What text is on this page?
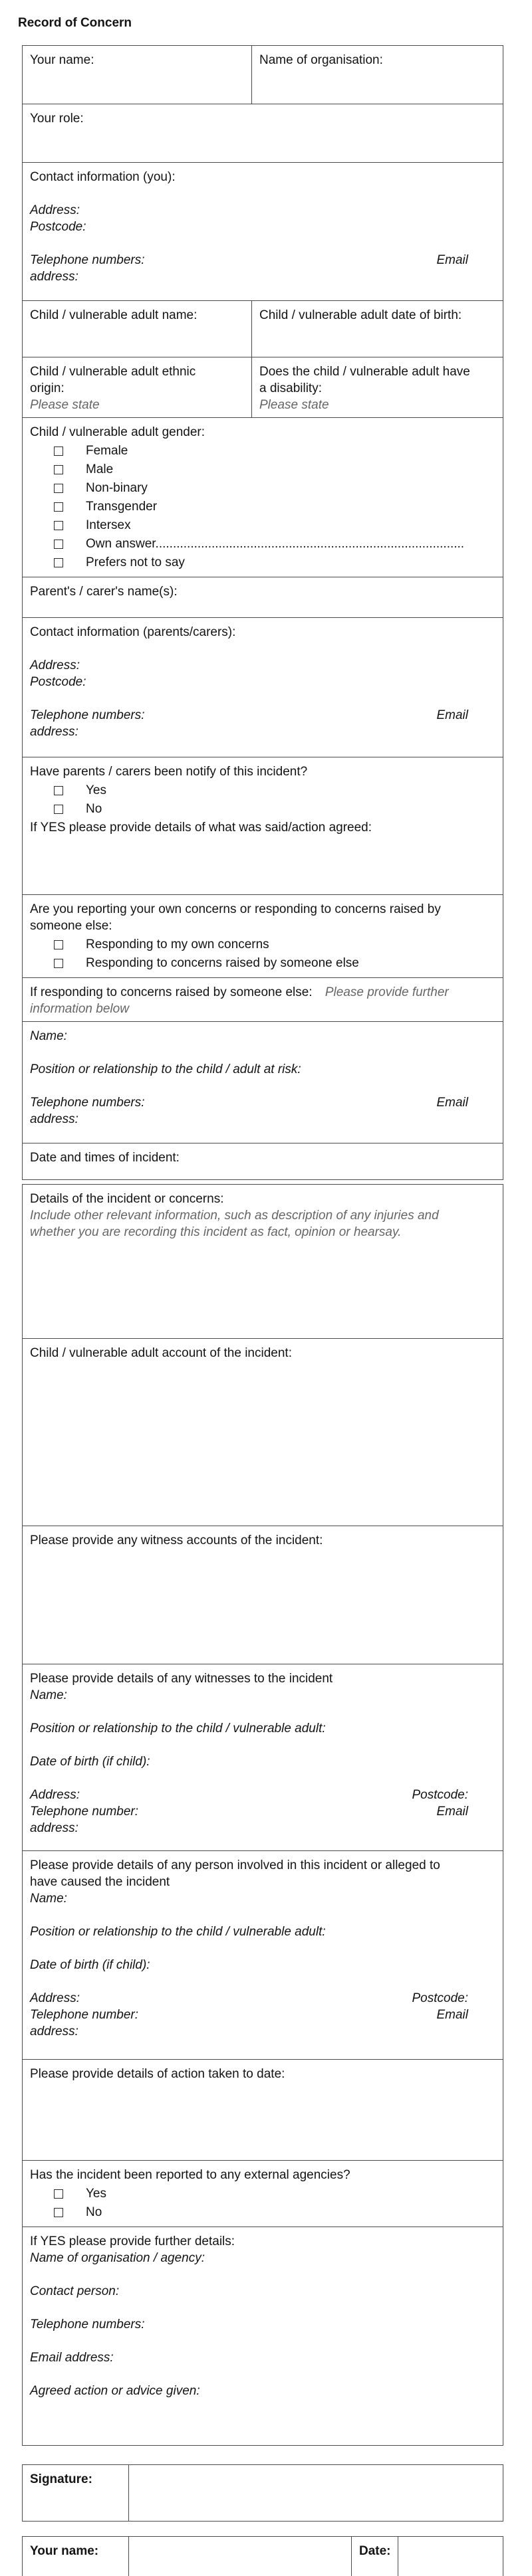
Record of Concern
Your name:	Name of organisation:
Your role:
Contact information (you):
Address:
Postcode:
Telephone numbers:	Email
address:
Child / vulnerable adult name:	Child / vulnerable adult date of birth:
Child / vulnerable adult ethnic origin:
Please state
Does the child / vulnerable adult have a disability:
Please state
Child / vulnerable adult gender:
Female
Male
Non-binary
Transgender
Intersex
Own answer........................................................................................
Prefers not to say
Parent's / carer's name(s):
Contact information (parents/carers):
Address:
Postcode:
Telephone numbers:	Email
address:
Have parents / carers been notify of this incident?
Yes
No
If YES please provide details of what was said/action agreed:
Are you reporting your own concerns or responding to concerns raised by someone else:
Responding to my own concerns
Responding to concerns raised by someone else
If responding to concerns raised by someone else: Please provide further information below
Name:
Position or relationship to the child / adult at risk:
Telephone numbers:	Email
address:
Date and times of incident:
Details of the incident or concerns:
Include other relevant information, such as description of any injuries and whether you are recording this incident as fact, opinion or hearsay.
Child / vulnerable adult account of the incident:
Please provide any witness accounts of the incident:
Please provide details of any witnesses to the incident
Name:
Position or relationship to the child / vulnerable adult:
Date of birth (if child):
Address:	Postcode:
Telephone number:	Email
address:
Please provide details of any person involved in this incident or alleged to have caused the incident
Name:
Position or relationship to the child / vulnerable adult:
Date of birth (if child):
Address:	Postcode:
Telephone number:	Email
address:
Please provide details of action taken to date:
Has the incident been reported to any external agencies?
Yes
No
If YES please provide further details:
Name of organisation / agency:
Contact person:
Telephone numbers:
Email address:
Agreed action or advice given:
Signature:
Your name:	Date:
